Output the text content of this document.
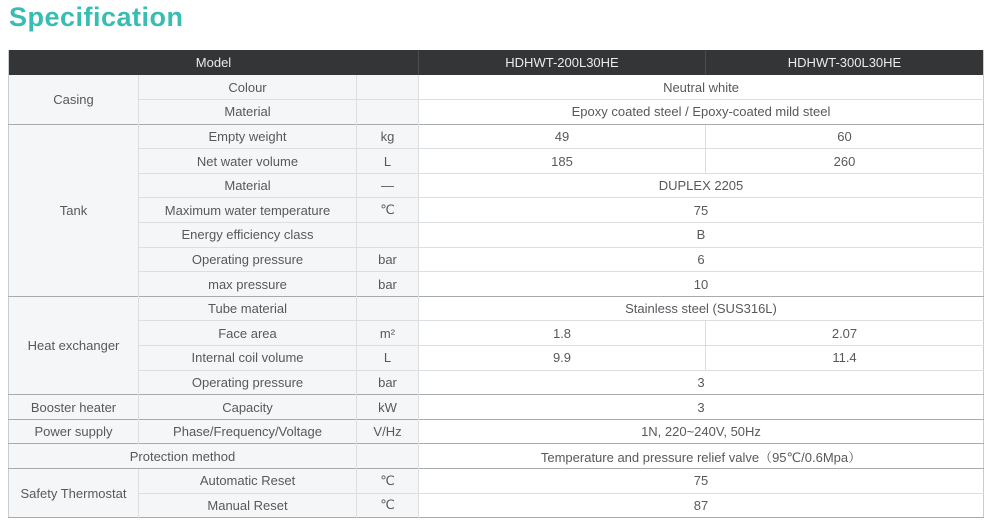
Specification
Model			HDHWT-200L30HE	HDHWT-300L30HE
Casing	Colour		Neutral white	
	Material		Epoxy coated steel / Epoxy-coated mild steel	
Tank	Empty weight	kg	49	60
	Net water volume	L	185	260
	Material	—	DUPLEX 2205	
	Maximum water temperature	℃	75	
	Energy efficiency class		B	
	Operating pressure	bar	6	
	max pressure	bar	10	
Heat exchanger	Tube material		Stainless steel (SUS316L)	
	Face area	m²	1.8	2.07
	Internal coil volume	L	9.9	11.4
	Operating pressure	bar	3	
Booster heater	Capacity	kW	3	
Power supply	Phase/Frequency/Voltage	V/Hz	1N, 220~240V, 50Hz	
Protection method			Temperature and pressure relief valve（95℃/0.6Mpa）	
Safety Thermostat	Automatic Reset	℃	75	
	Manual Reset	℃	87	
